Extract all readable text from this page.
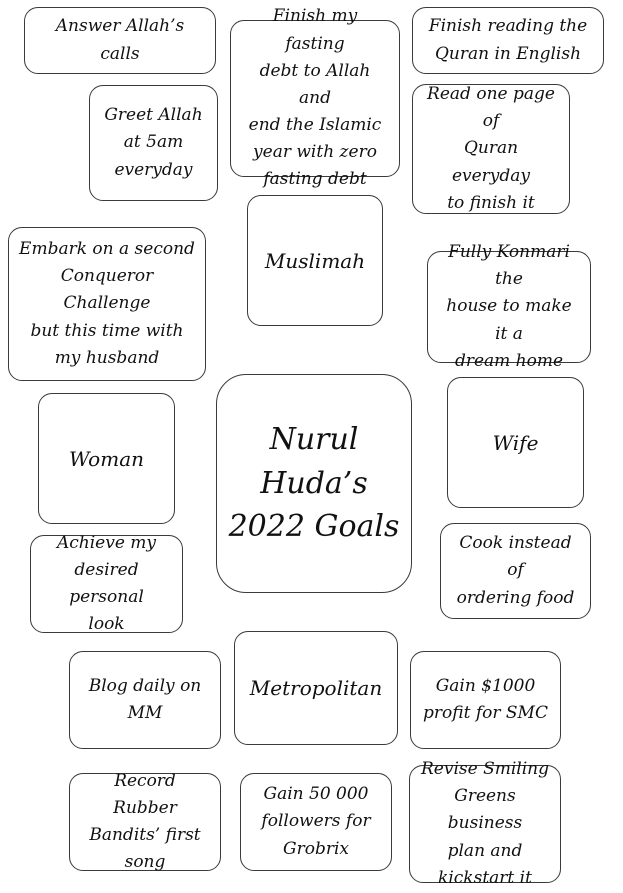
Answer Allah’s calls
Finish my fasting
debt to Allah and
end the Islamic
year with zero
fasting debt
Finish reading the
Quran in English
Greet Allah
at 5am
everyday
Read one page of
Quran everyday
to finish it
Muslimah
Embark on a second
Conqueror Challenge
but this time with
my husband
Fully Konmari the
house to make it a
dream home
Woman
Nurul Huda’s
2022 Goals
Wife
Achieve my
desired personal
look
Cook instead of
ordering food
Metropolitan
Blog daily on
MM
Gain $1000
profit for SMC
Record Rubber
Bandits’ first
song
Gain 50 000
followers for
Grobrix
Revise Smiling
Greens business
plan and
kickstart it
